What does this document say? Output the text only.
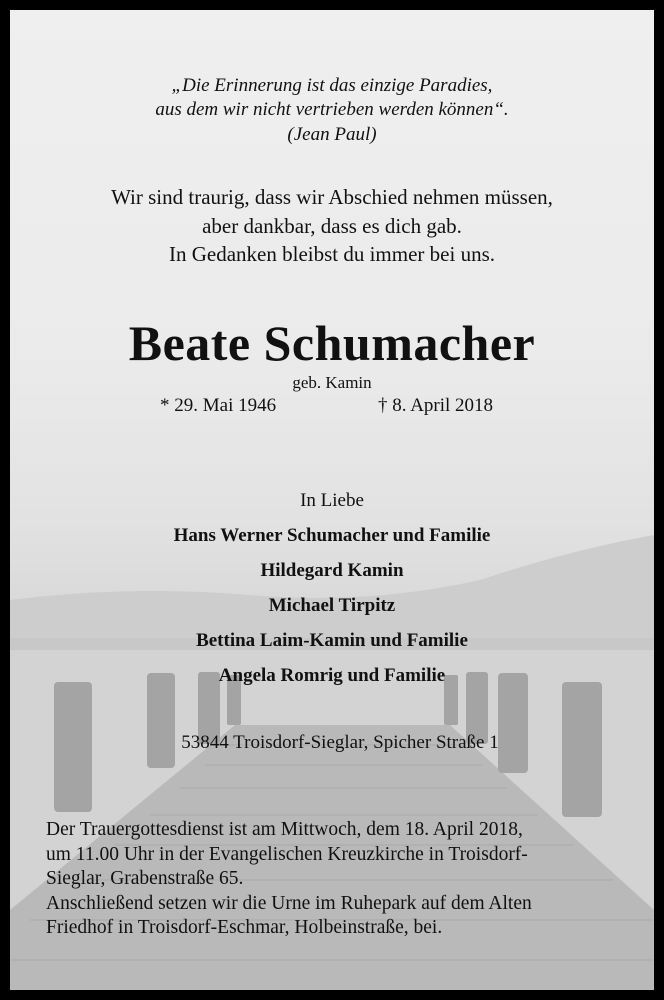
„Die Erinnerung ist das einzige Paradies,

aus dem wir nicht vertrieben werden können“.

(Jean Paul)

Wir sind traurig, dass wir Abschied nehmen müssen,

aber dankbar, dass es dich gab.

In Gedanken bleibst du immer bei uns.

Beate Schumacher

geb. Kamin

* 29. Mai 1946	† 8. April 2018

In Liebe

Hans Werner Schumacher und Familie

Hildegard Kamin

Michael Tirpitz

Bettina Laim-Kamin und Familie

Angela Romrig und Familie

53844 Troisdorf-Sieglar, Spicher Straße 1

Der Trauergottesdienst ist am Mittwoch, dem 18. April 2018,

um 11.00 Uhr in der Evangelischen Kreuzkirche in Troisdorf-

Sieglar, Grabenstraße 65.

Anschließend setzen wir die Urne im Ruhepark auf dem Alten

Friedhof in Troisdorf-Eschmar, Holbeinstraße, bei.
